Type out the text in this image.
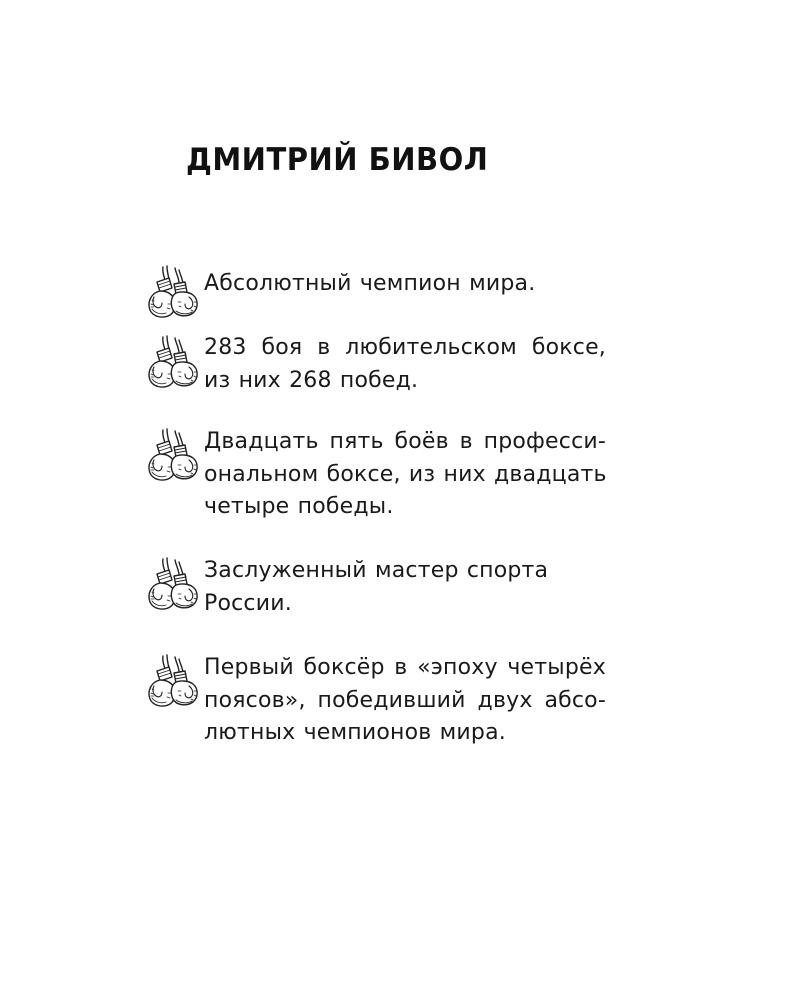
ДМИТРИЙ БИВОЛ
Абсолютный чемпион мира.
283 боя в любительском боксе,
из них 268 побед.
Двадцать пять боёв в професси-
ональном боксе, из них двадцать
четыре победы.
Заслуженный мастер спорта
России.
Первый боксёр в «эпоху четырёх
поясов», победивший двух абсо-
лютных чемпионов мира.
